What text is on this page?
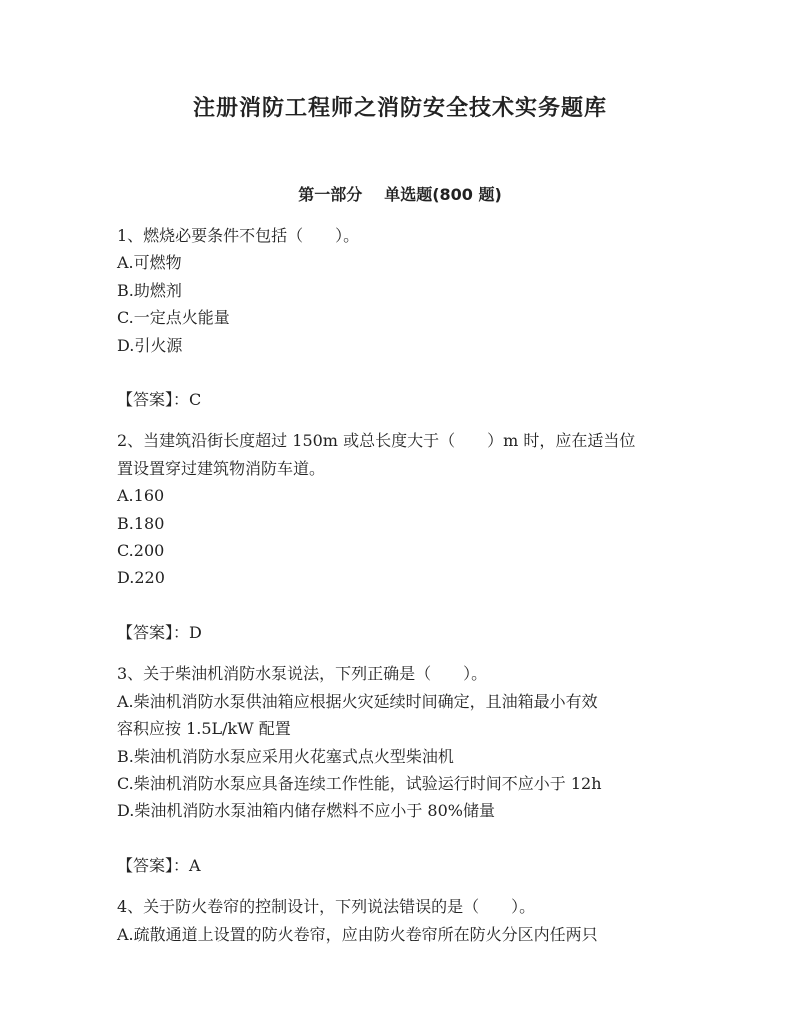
注册消防工程师之消防安全技术实务题库
第一部分 单选题(800 题)
1、燃烧必要条件不包括（　　）。
A.可燃物
B.助燃剂
C.一定点火能量
D.引火源
【答案】：C
2、当建筑沿街长度超过 150m 或总长度大于（　　）m 时，应在适当位
置设置穿过建筑物消防车道。
A.160
B.180
C.200
D.220
【答案】：D
3、关于柴油机消防水泵说法，下列正确是（　　）。
A.柴油机消防水泵供油箱应根据火灾延续时间确定，且油箱最小有效
容积应按 1.5L/kW 配置
B.柴油机消防水泵应采用火花塞式点火型柴油机
C.柴油机消防水泵应具备连续工作性能，试验运行时间不应小于 12h
D.柴油机消防水泵油箱内储存燃料不应小于 80%储量
【答案】：A
4、关于防火卷帘的控制设计，下列说法错误的是（　　）。
A.疏散通道上设置的防火卷帘，应由防火卷帘所在防火分区内任两只
